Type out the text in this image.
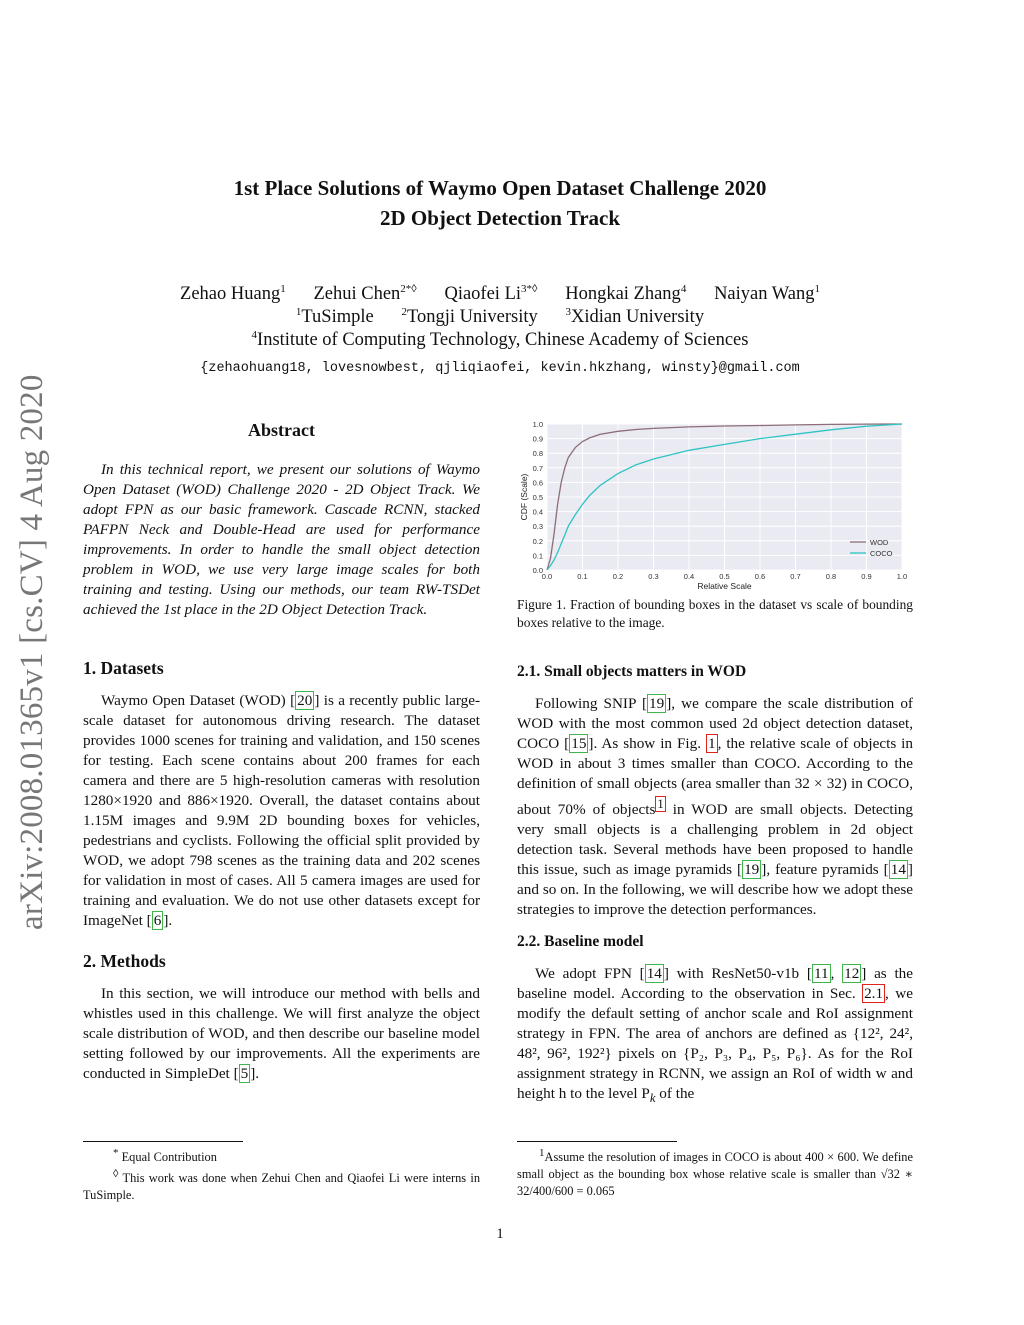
arXiv:2008.01365v1 [cs.CV] 4 Aug 2020
1st Place Solutions of Waymo Open Dataset Challenge 2020
2D Object Detection Track
Zehao Huang$^1$ Zehui Chen$^{2*◊}$ Qiaofei $Li^{3*◊}$ Hongkai Zhang$^4$ Naiyan Wang$^1$
$^1$TuSimple	$^2$Tongji University	$^3$Xidian University
$^4$Institute of Computing Technology, Chinese Academy of Sciences
{zehaohuang18, lovesnowbest, qjliqiaofei, kevin.hkzhang, winsty}@gmail.com
Abstract

In this technical report, we present our solutions of Waymo Open Dataset (WOD) Challenge 2020 - 2D Object Track. We adopt FPN as our basic framework. Cascade RCNN, stacked PAFPN Neck and Double-Head are used for performance improvements. In order to handle the small object detection problem in WOD, we use very large image scales for both training and testing. Using our methods, our team RW-TSDet achieved the 1st place in the 2D Object Detection Track.

1. Datasets

Waymo Open Dataset (WOD) [ 20 ] is a recently public large-scale dataset for autonomous driving research. The dataset provides 1000 scenes for training and validation, and 150 scenes for testing. Each scene contains about 200 frames for each camera and there are 5 high-resolution cameras with resolution 1280×1920 and 886×1920. Overall, the dataset contains about 1.15M images and 9.9M 2D bounding boxes for vehicles, pedestrians and cyclists. Following the official split provided by WOD, we adopt 798 scenes as the training data and 202 scenes for validation in most of cases. All 5 camera images are used for training and evaluation. We do not use other datasets except for ImageNet [ 6 ].

2. Methods

In this section, we will introduce our method with bells and whistles used in this challenge. We will first analyze the object scale distribution of WOD, and then describe our baseline model setting followed by our improvements. All the experiments are conducted in SimpleDet [ 5 ].

* Equal Contribution
◊ This work was done when Zehui Chen and Qiaofei Li were interns in TuSimple.
0.0	0.1	0.2	0.3	0.4	0.5	0.6	0.7	0.8	0.9	1.0
0.0
0.1
0.2
0.3
0.4
0.5
0.6
0.7
0.8
0.9
1.0
Relative Scale
CDF (Scale)
WOD
COCO
Figure 1. Fraction of bounding boxes in the dataset vs scale of bounding boxes relative to the image.
2.1. Small objects matters in WOD

Following SNIP [ 19 ], we compare the scale distribution of WOD with the most common used 2d object detection dataset, COCO [ 15 ]. As show in Fig. 1 , the relative scale of objects in WOD in about 3 times smaller than COCO. According to the definition of small objects (area smaller than 32 × 32) in COCO, about 70% of objects $^1$ in WOD are small objects. Detecting very small objects is a challenging problem in 2d object detection task. Several methods have been proposed to handle this issue, such as image pyramids [ 19 ], feature pyramids [ 14 ] and so on. In the following, we will describe how we adopt these strategies to improve the detection performances.

2.2. Baseline model

We adopt FPN [ 14 ] with ResNet50-v1b [ 11 , 12 ] as the baseline model. According to the observation in Sec. 2.1 , we modify the default setting of anchor scale and RoI assignment strategy in FPN. The area of anchors are defined as {12², 24², 48², 96², 192²} pixels on {P₂, P₃, P₄, P₅, P₆}. As for the RoI assignment strategy in RCNN, we assign an RoI of width w and height h to the level $P_k$ of the

$^1$Assume the resolution of images in COCO is about 400 × 600. We define small object as the bounding box whose relative scale is smaller than √32 ∗ 32/400/600 = 0.065
1
